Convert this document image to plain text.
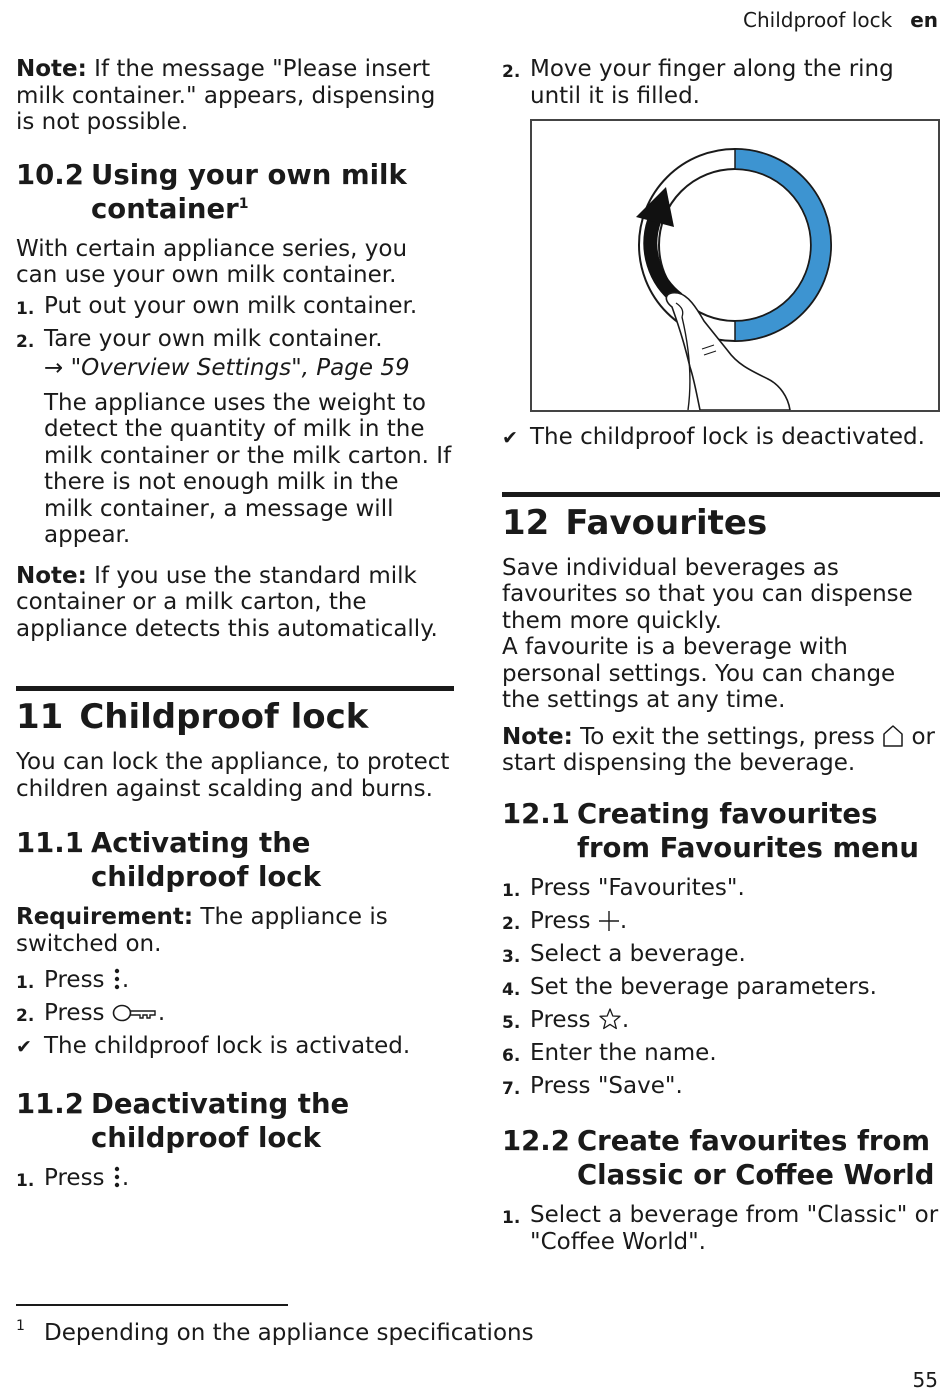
Childproof lock en

Note: If the message "Please insert milk container." appears, dispensing is not possible.

10.2 Using your own milk container$^1$

With certain appliance series, you can use your own milk container.

1. Put out your own milk container.
2. Tare your own milk container.

→ "Overview Settings", Page 59

The appliance uses the weight to detect the quantity of milk in the milk container or the milk carton. If there is not enough milk in the milk container, a message will appear.

Note: If you use the standard milk container or a milk carton, the appliance detects this automatically.

11 Childproof lock

You can lock the appliance, to protect children against scalding and burns.

11.1 Activating the childproof lock

Requirement: The appliance is switched on.

1. Press .
2. Press .
✔ The childproof lock is activated.
11.2 Deactivating the childproof lock
1. Press .
2. Move your finger along the ring until it is filled.
✔ The childproof lock is deactivated.
12 Favourites

Save individual beverages as favourites so that you can dispense them more quickly.

A favourite is a beverage with personal settings. You can change the settings at any time.

Note: To exit the settings, press  or start dispensing the beverage.

12.1 Creating favourites from Favourites menu
1. Press "Favourites".
2. Press .
3. Select a beverage.
4. Set the beverage parameters.
5. Press .
6. Enter the name.
7. Press "Save".
12.2 Create favourites from Classic or Coffee World
1. Select a beverage from "Classic" or "Coffee World".
1 Depending on the appliance specifications
55
